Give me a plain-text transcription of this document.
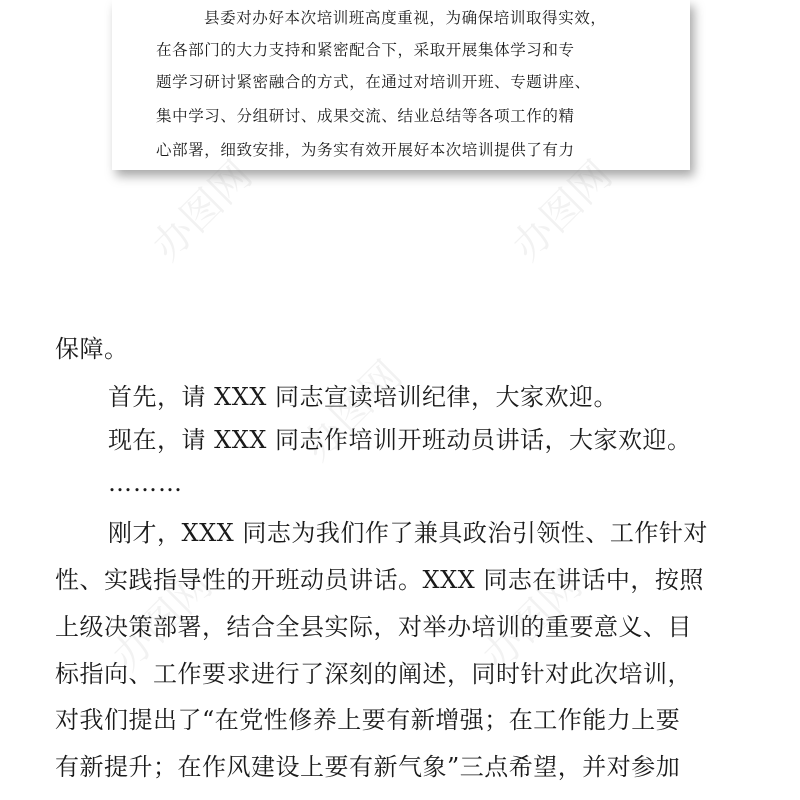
县委对办好本次培训班高度重视，为确保培训取得实效，
在各部门的大力支持和紧密配合下，采取开展集体学习和专
题学习研讨紧密融合的方式，在通过对培训开班、专题讲座、
集中学习、分组研讨、成果交流、结业总结等各项工作的精
心部署，细致安排，为务实有效开展好本次培训提供了有力
办图网	办图网
办图网
办图网	办图网
保障。
首先，请 XXX 同志宣读培训纪律，大家欢迎。
现在，请 XXX 同志作培训开班动员讲话，大家欢迎。
………
刚才，XXX 同志为我们作了兼具政治引领性、工作针对
性、实践指导性的开班动员讲话。XXX 同志在讲话中，按照
上级决策部署，结合全县实际，对举办培训的重要意义、目
标指向、工作要求进行了深刻的阐述，同时针对此次培训，
对我们提出了“在党性修养上要有新增强；在工作能力上要
有新提升；在作风建设上要有新气象”三点希望，并对参加
